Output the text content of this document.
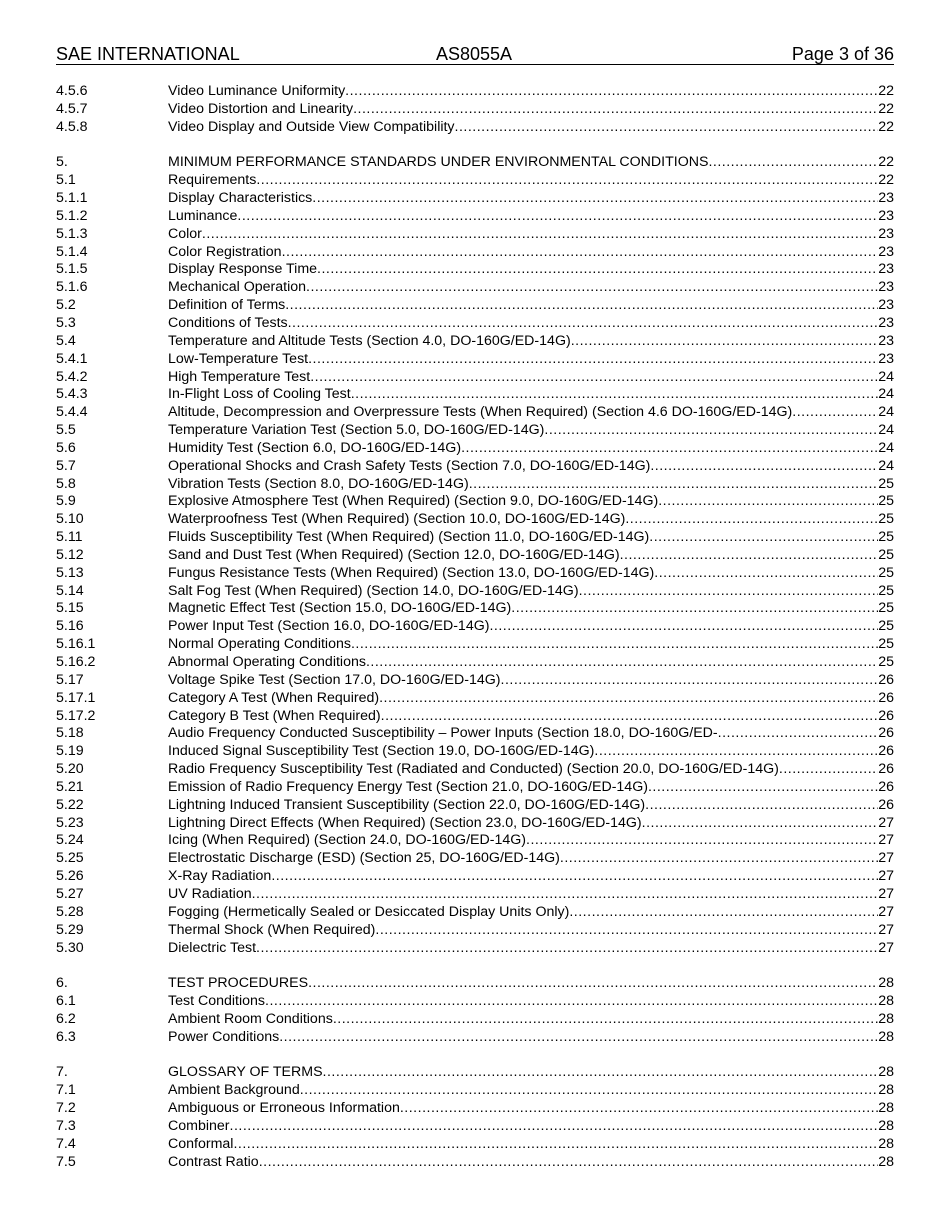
SAE INTERNATIONAL	AS8055A	Page 3 of 36
4.5.6	Video Luminance Uniformity .....	22
4.5.7	Video Distortion and Linearity .....	22
4.5.8	Video Display and Outside View Compatibility .....	22
5.	MINIMUM PERFORMANCE STANDARDS UNDER ENVIRONMENTAL CONDITIONS .....	22
5.1	Requirements .....	22
5.1.1	Display Characteristics .....	23
5.1.2	Luminance .....	23
5.1.3	Color .....	23
5.1.4	Color Registration .....	23
5.1.5	Display Response Time .....	23
5.1.6	Mechanical Operation .....	23
5.2	Definition of Terms .....	23
5.3	Conditions of Tests .....	23
5.4	Temperature and Altitude Tests (Section 4.0, DO-160G/ED-14G) .....	23
5.4.1	Low-Temperature Test .....	23
5.4.2	High Temperature Test .....	24
5.4.3	In-Flight Loss of Cooling Test .....	24
5.4.4	Altitude, Decompression and Overpressure Tests (When Required) (Section 4.6 DO-160G/ED-14G) .....	24
5.5	Temperature Variation Test (Section 5.0, DO-160G/ED-14G) .....	24
5.6	Humidity Test (Section 6.0, DO-160G/ED-14G) .....	24
5.7	Operational Shocks and Crash Safety Tests (Section 7.0, DO-160G/ED-14G) .....	24
5.8	Vibration Tests (Section 8.0, DO-160G/ED-14G) .....	25
5.9	Explosive Atmosphere Test (When Required) (Section 9.0, DO-160G/ED-14G) .....	25
5.10	Waterproofness Test (When Required) (Section 10.0, DO-160G/ED-14G) .....	25
5.11	Fluids Susceptibility Test (When Required) (Section 11.0, DO-160G/ED-14G) .....	25
5.12	Sand and Dust Test (When Required) (Section 12.0, DO-160G/ED-14G) .....	25
5.13	Fungus Resistance Tests (When Required) (Section 13.0, DO-160G/ED-14G) .....	25
5.14	Salt Fog Test (When Required) (Section 14.0, DO-160G/ED-14G) .....	25
5.15	Magnetic Effect Test (Section 15.0, DO-160G/ED-14G) .....	25
5.16	Power Input Test (Section 16.0, DO-160G/ED-14G) .....	25
5.16.1	Normal Operating Conditions .....	25
5.16.2	Abnormal Operating Conditions .....	25
5.17	Voltage Spike Test (Section 17.0, DO-160G/ED-14G) .....	26
5.17.1	Category A Test (When Required) .....	26
5.17.2	Category B Test (When Required) .....	26
5.18	Audio Frequency Conducted Susceptibility – Power Inputs (Section 18.0, DO-160G/ED- .....	26
5.19	Induced Signal Susceptibility Test (Section 19.0, DO-160G/ED-14G) .....	26
5.20	Radio Frequency Susceptibility Test (Radiated and Conducted) (Section 20.0, DO-160G/ED-14G) .....	26
5.21	Emission of Radio Frequency Energy Test (Section 21.0, DO-160G/ED-14G) .....	26
5.22	Lightning Induced Transient Susceptibility (Section 22.0, DO-160G/ED-14G) .....	26
5.23	Lightning Direct Effects (When Required) (Section 23.0, DO-160G/ED-14G) .....	27
5.24	Icing (When Required) (Section 24.0, DO-160G/ED-14G) .....	27
5.25	Electrostatic Discharge (ESD) (Section 25, DO-160G/ED-14G) .....	27
5.26	X-Ray Radiation .....	27
5.27	UV Radiation .....	27
5.28	Fogging (Hermetically Sealed or Desiccated Display Units Only) .....	27
5.29	Thermal Shock (When Required) .....	27
5.30	Dielectric Test .....	27
6.	TEST PROCEDURES .....	28
6.1	Test Conditions .....	28
6.2	Ambient Room Conditions .....	28
6.3	Power Conditions .....	28
7.	GLOSSARY OF TERMS .....	28
7.1	Ambient Background .....	28
7.2	Ambiguous or Erroneous Information .....	28
7.3	Combiner .....	28
7.4	Conformal .....	28
7.5	Contrast Ratio .....	28
